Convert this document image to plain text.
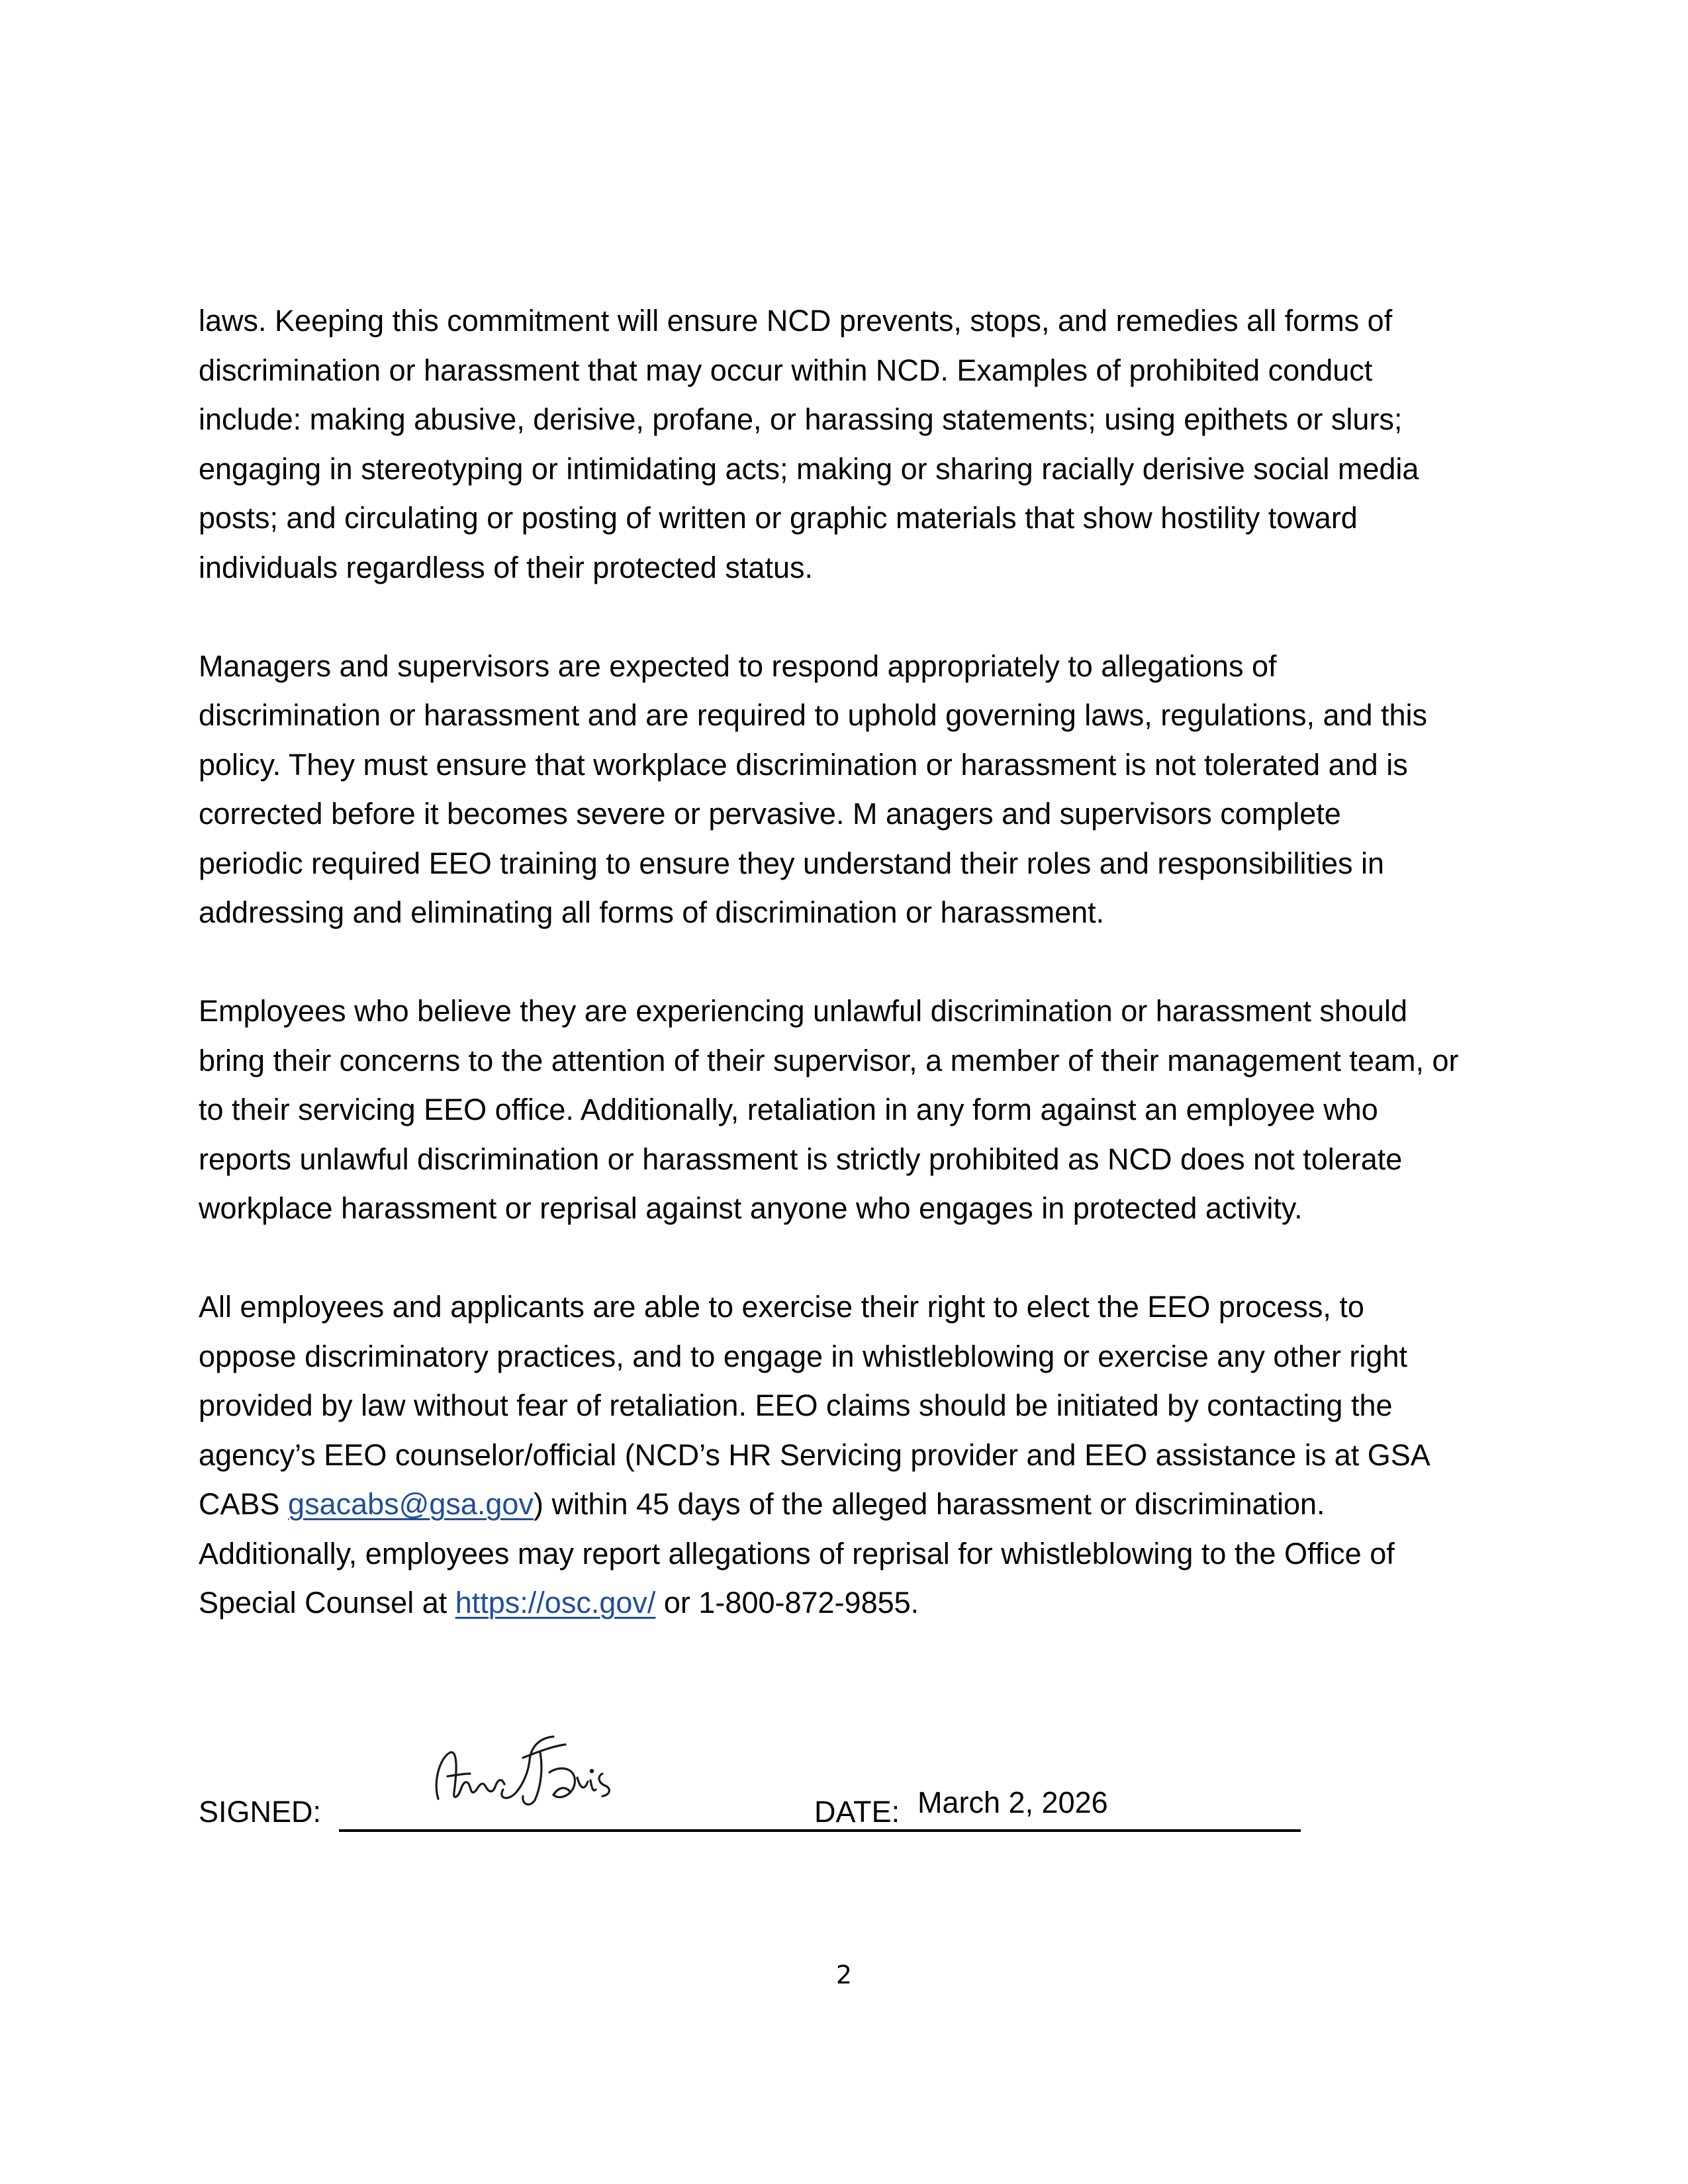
laws. Keeping this commitment will ensure NCD prevents, stops, and remedies all forms of
discrimination or harassment that may occur within NCD. Examples of prohibited conduct
include: making abusive, derisive, profane, or harassing statements; using epithets or slurs;
engaging in stereotyping or intimidating acts; making or sharing racially derisive social media
posts; and circulating or posting of written or graphic materials that show hostility toward
individuals regardless of their protected status.

Managers and supervisors are expected to respond appropriately to allegations of
discrimination or harassment and are required to uphold governing laws, regulations, and this
policy. They must ensure that workplace discrimination or harassment is not tolerated and is
corrected before it becomes severe or pervasive. M anagers and supervisors complete
periodic required EEO training to ensure they understand their roles and responsibilities in
addressing and eliminating all forms of discrimination or harassment.

Employees who believe they are experiencing unlawful discrimination or harassment should
bring their concerns to the attention of their supervisor, a member of their management team, or
to their servicing EEO office. Additionally, retaliation in any form against an employee who
reports unlawful discrimination or harassment is strictly prohibited as NCD does not tolerate
workplace harassment or reprisal against anyone who engages in protected activity.

All employees and applicants are able to exercise their right to elect the EEO process, to
oppose discriminatory practices, and to engage in whistleblowing or exercise any other right
provided by law without fear of retaliation. EEO claims should be initiated by contacting the
agency’s EEO counselor/official (NCD’s HR Servicing provider and EEO assistance is at GSA
CABS gsacabs@gsa.gov) within 45 days of the alleged harassment or discrimination.
Additionally, employees may report allegations of reprisal for whistleblowing to the Office of
Special Counsel at https://osc.gov/ or 1-800-872-9855.

SIGNED:	DATE: March 2, 2026
2
